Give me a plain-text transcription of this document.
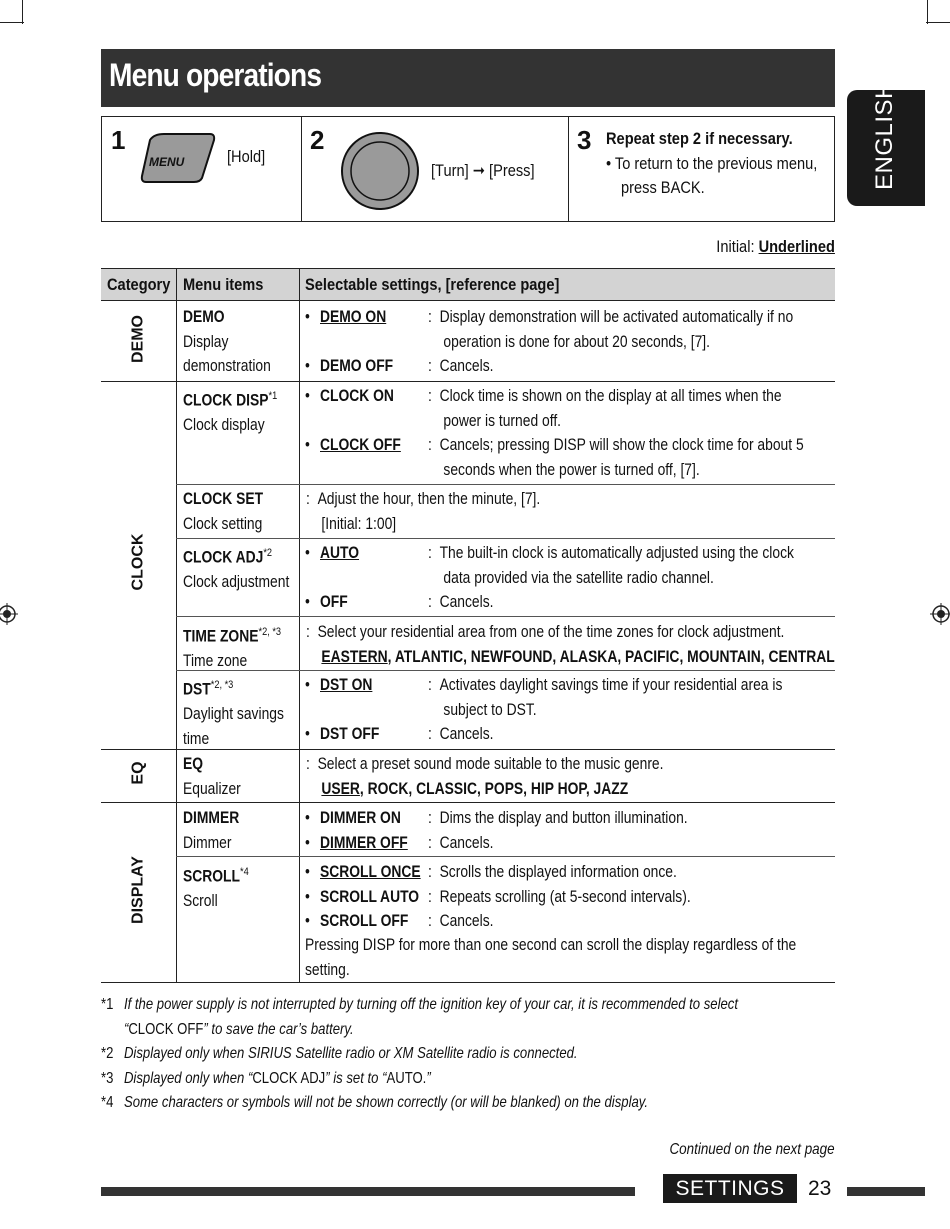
Menu operations
ENGLISH
1
MENU	[Hold]
2
[Turn] ➞ [Press]
3 Repeat step 2 if necessary.
• To return to the previous menu,
press BACK.
Initial: Underlined
Category Menu items Selectable settings, [reference page]
DEMO
CLOCK
EQ
DISPLAY
DEMO
Display
demonstration
•

•
DEMO ON

DEMO OFF
:  Display demonstration will be activated automatically if no
operation is done for about 20 seconds, [7].
:  Cancels.
CLOCK DISP$^{*1}$
Clock display
•

•
CLOCK ON

CLOCK OFF
:  Clock time is shown on the display at all times when the
power is turned off.
:  Cancels; pressing DISP will show the clock time for about 5
seconds when the power is turned off, [7].
CLOCK SET
Clock setting
:  Adjust the hour, then the minute, [7].
[Initial: 1:00]
CLOCK ADJ$^{*2}$
Clock adjustment
•

•
AUTO

OFF
:  The built-in clock is automatically adjusted using the clock
data provided via the satellite radio channel.
:  Cancels.
TIME $ZONE^{*2, *3}$
Time zone
:  Select your residential area from one of the time zones for clock adjustment.
EASTERN, ATLANTIC, NEWFOUND, ALASKA, PACIFIC, MOUNTAIN, CENTRAL
$DST^{*2, *3}$
Daylight savings
time
•

•
DST ON

DST OFF
:  Activates daylight savings time if your residential area is
subject to DST.
:  Cancels.
EQ
Equalizer
:  Select a preset sound mode suitable to the music genre.
USER, ROCK, CLASSIC, POPS, HIP HOP, JAZZ
DIMMER
Dimmer
•
•
DIMMER ON
DIMMER OFF
:  Dims the display and button illumination.
:  Cancels.
SCROLL$^{*4}$
Scroll
•
•
•
SCROLL ONCE
SCROLL AUTO
SCROLL OFF
:  Scrolls the displayed information once.
:  Repeats scrolling (at 5-second intervals).
:  Cancels.
Pressing DISP for more than one second can scroll the display regardless of the
setting.
*1 If the power supply is not interrupted by turning off the ignition key of your car, it is recommended to select
“CLOCK OFF” to save the car’s battery.
*2 Displayed only when SIRIUS Satellite radio or XM Satellite radio is connected.
*3 Displayed only when “CLOCK ADJ” is set to “AUTO.”
*4 Some characters or symbols will not be shown correctly (or will be blanked) on the display.
Continued on the next page
SETTINGS	23
